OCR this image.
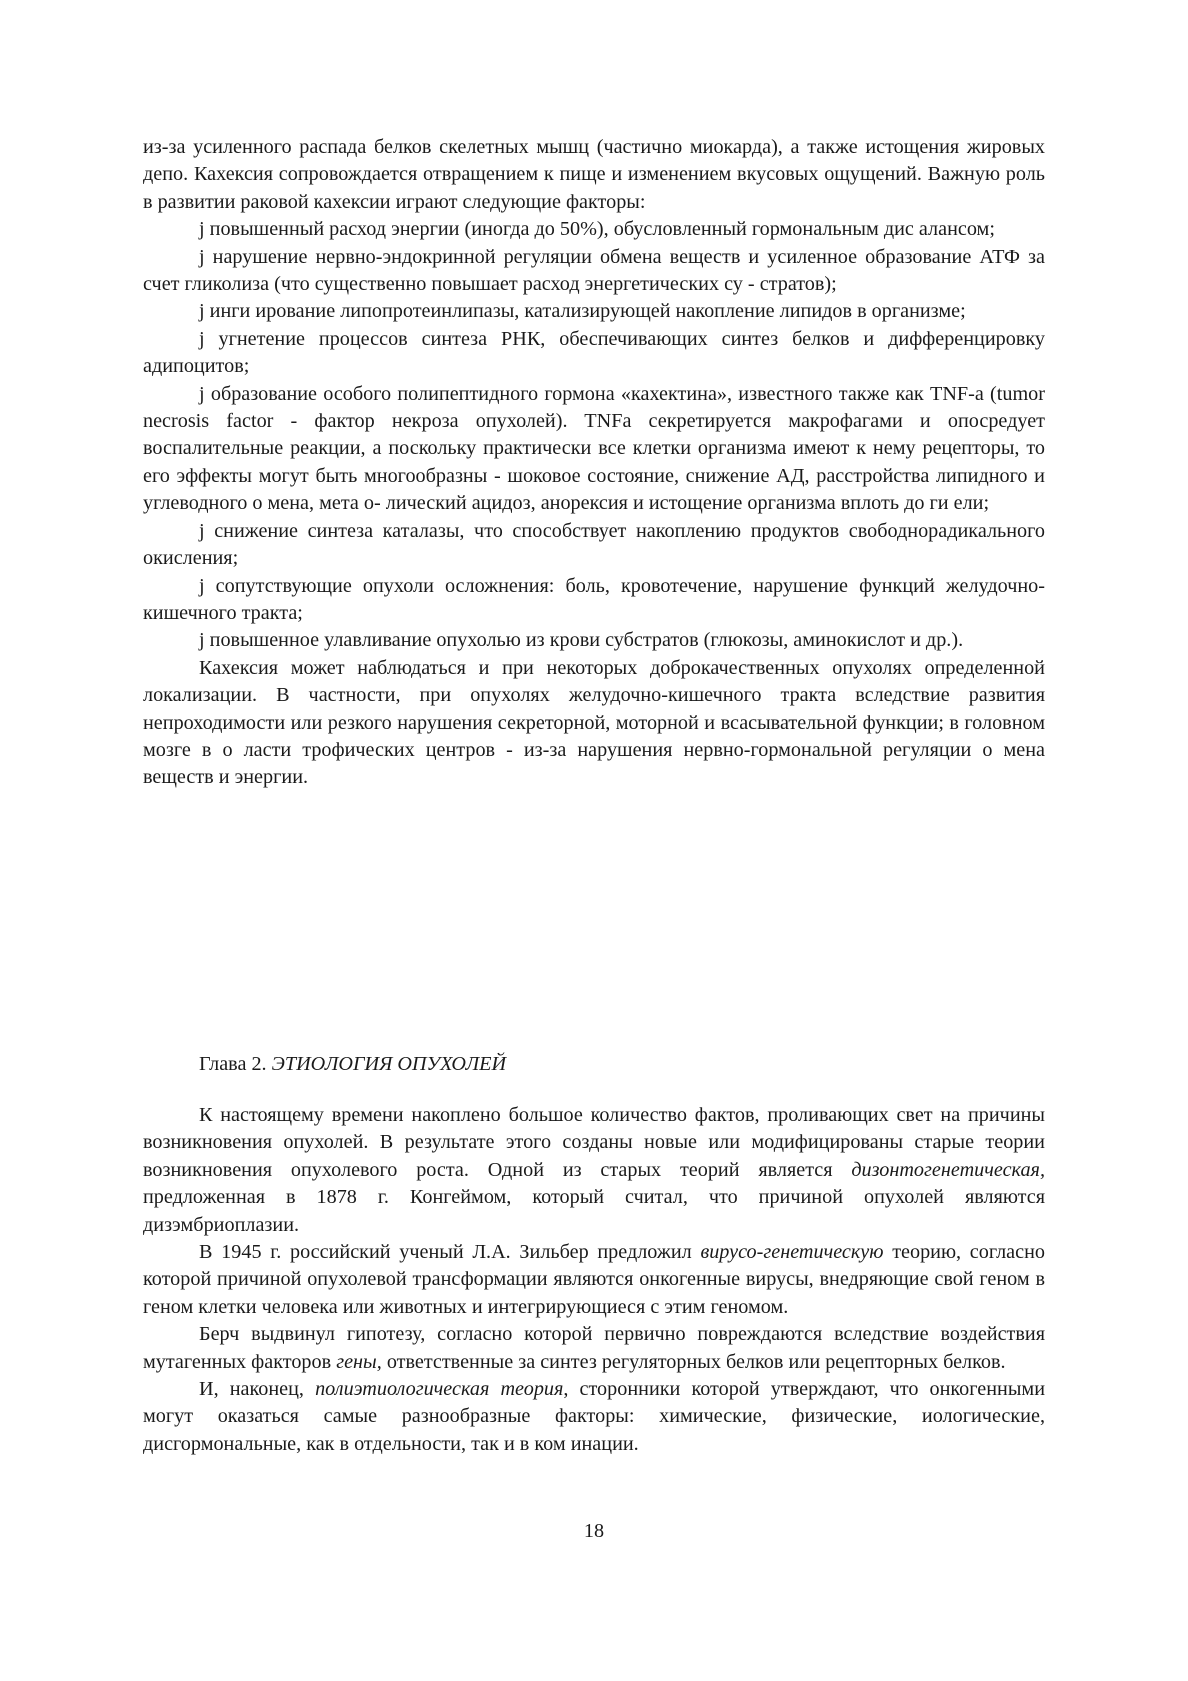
из-за усиленного распада белков скелетных мышц (частично миокарда), а также истощения жировых депо. Кахексия сопровождается отвращением к пище и изменением вкусовых ощущений. Важную роль в развитии раковой кахексии играют следующие факторы:

j повышенный расход энергии (иногда до 50%), обусловленный гормональным дис алансом;

j нарушение нервно-эндокринной регуляции обмена веществ и усиленное образование АТФ за счет гликолиза (что существенно повышает расход энергетических су - стратов);

j инги ирование липопротеинлипазы, катализирующей накопление липидов в организме;

j угнетение процессов синтеза РНК, обеспечивающих синтез белков и дифференцировку адипоцитов;

j образование особого полипептидного гормона «кахектина», известного также как TNF-a (tumor necrosis factor - фактор некроза опухолей). TNFa секретируется макрофагами и опосредует воспалительные реакции, а поскольку практически все клетки организма имеют к нему рецепторы, то его эффекты могут быть многообразны - шоковое состояние, снижение АД, расстройства липидного и углеводного о мена, мета о- лический ацидоз, анорексия и истощение организма вплоть до ги ели;

j снижение синтеза каталазы, что способствует накоплению продуктов свободнорадикального окисления;

j сопутствующие опухоли осложнения: боль, кровотечение, нарушение функций желудочно-кишечного тракта;

j повышенное улавливание опухолью из крови субстратов (глюкозы, аминокислот и др.).

Кахексия может наблюдаться и при некоторых доброкачественных опухолях определенной локализации. В частности, при опухолях желудочно-кишечного тракта вследствие развития непроходимости или резкого нарушения секреторной, моторной и всасывательной функции; в головном мозге в о ласти трофических центров - из-за нарушения нервно-гормональной регуляции о мена веществ и энергии.

Глава 2. ЭТИОЛОГИЯ ОПУХОЛЕЙ

К настоящему времени накоплено большое количество фактов, проливающих свет на причины возникновения опухолей. В результате этого созданы новые или модифицированы старые теории возникновения опухолевого роста. Одной из старых теорий является дизонтогенетическая, предложенная в 1878 г. Конгеймом, который считал, что причиной опухолей являются дизэмбриоплазии.

В 1945 г. российский ученый Л.А. Зильбер предложил вирусо-генетическую теорию, согласно которой причиной опухолевой трансформации являются онкогенные вирусы, внедряющие свой геном в геном клетки человека или животных и интегрирующиеся с этим геномом.

Берч выдвинул гипотезу, согласно которой первично повреждаются вследствие воздействия мутагенных факторов гены, ответственные за синтез регуляторных белков или рецепторных белков.

И, наконец, полиэтиологическая теория, сторонники которой утверждают, что онкогенными могут оказаться самые разнообразные факторы: химические, физические, иологические, дисгормональные, как в отдельности, так и в ком инации.

18
